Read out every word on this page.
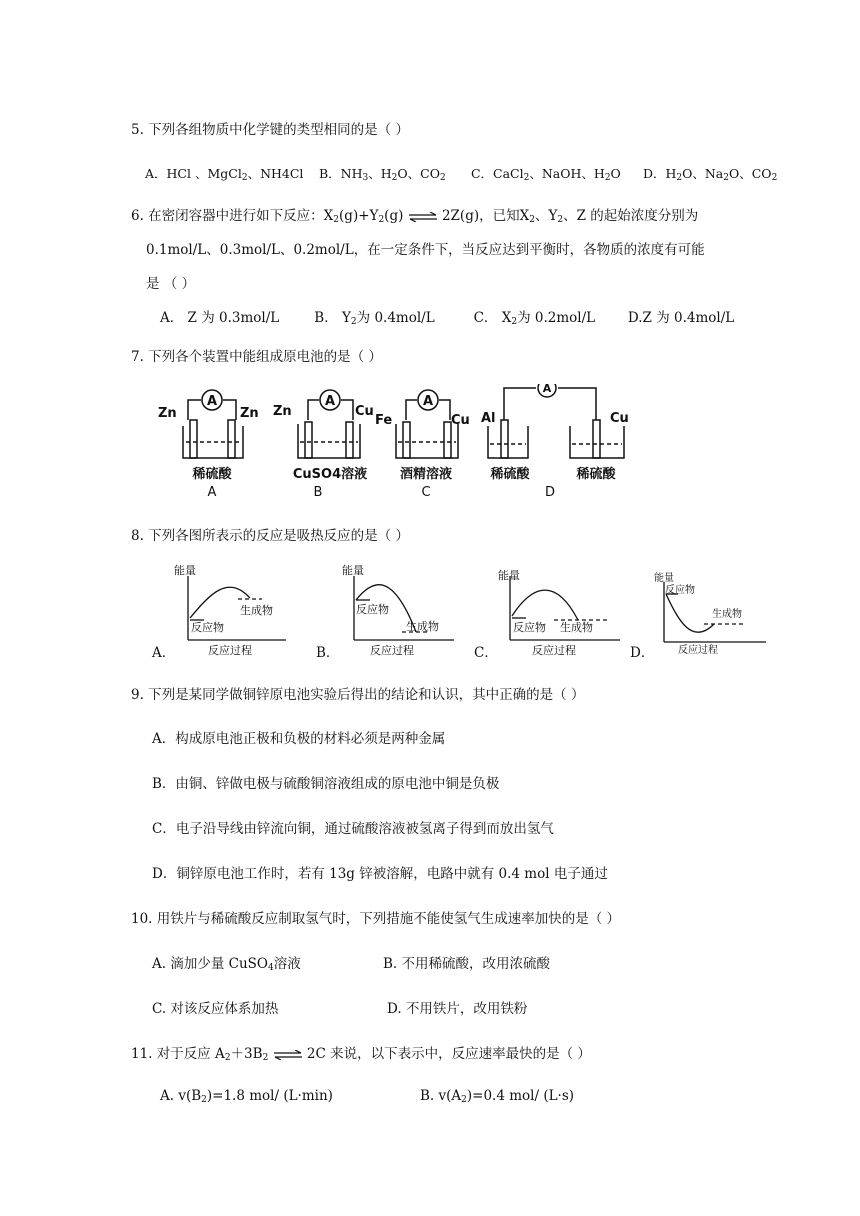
5. 下列各组物质中化学键的类型相同的是（ ）
A．HCl 、MgCl2、NH4Cl B．NH3、H2O、CO2 C．CaCl2、NaOH、H2O D．H2O、Na2O、CO2
6. 在密闭容器中进行如下反应：$X_2(g)+Y_2(g)$ ⇌ 2Z(g)，已知$X_2$、$Y_2$、Z 的起始浓度分别为
0.1mol/L、0.3mol/L、0.2mol/L，在一定条件下，当反应达到平衡时，各物质的浓度有可能
是 （ ）
A． Z 为 0.3mol/L	B． Y2为 0.4mol/L	C． X2为 0.2mol/L D.Z 为 0.4mol/L
7. 下列各个装置中能组成原电池的是（ ）
A	A	A
A
Zn	Zn
稀硫酸
A
Zn	Cu
CuSO4溶液
B
Fe	Cu
酒精溶液
C
Al	Cu
稀硫酸	稀硫酸
D
8. 下列各图所表示的反应是吸热反应的是（ ）
A．	B．	C．	D．
能量
反应物
生成物
反应过程
能量
反应物
生成物
反应过程
能量
反应物 生成物
反应过程
能量
反应物
生成物
反应过程
9. 下列是某同学做铜锌原电池实验后得出的结论和认识，其中正确的是（ ）
A．构成原电池正极和负极的材料必须是两种金属
B．由铜、锌做电极与硫酸铜溶液组成的原电池中铜是负极
C．电子沿导线由锌流向铜，通过硫酸溶液被氢离子得到而放出氢气
D．铜锌原电池工作时，若有 13g 锌被溶解，电路中就有 0.4 mol 电子通过
10. 用铁片与稀硫酸反应制取氢气时，下列措施不能使氢气生成速率加快的是（ ）
A. 滴加少量 CuSO$_4$溶液	B. 不用稀硫酸，改用浓硫酸
C. 对该反应体系加热	D. 不用铁片，改用铁粉
11. 对于反应 $A_2+3B_2$ ⇌ 2C 来说，以下表示中，反应速率最快的是（ ）
A. $v(B_2)=1.8$ mol/ (L·min)	B. $v(A_2)=0.4$ mol/ (L·s)
